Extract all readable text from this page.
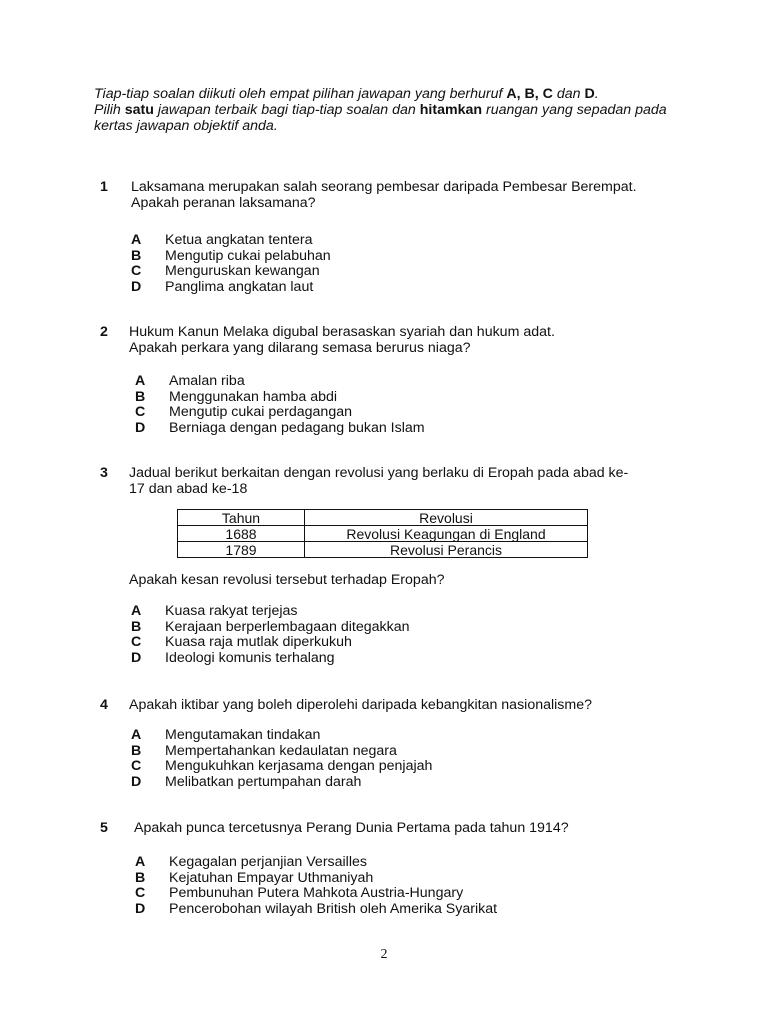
Tiap-tiap soalan diikuti oleh empat pilihan jawapan yang berhuruf A, B, C dan D.
Pilih satu jawapan terbaik bagi tiap-tiap soalan dan hitamkan ruangan yang sepadan pada
kertas jawapan objektif anda.
1 Laksamana merupakan salah seorang pembesar daripada Pembesar Berempat.
Apakah peranan laksamana?
A Ketua angkatan tentera
B Mengutip cukai pelabuhan
C Menguruskan kewangan
D Panglima angkatan laut
2 Hukum Kanun Melaka digubal berasaskan syariah dan hukum adat.
Apakah perkara yang dilarang semasa berurus niaga?
A Amalan riba
B Menggunakan hamba abdi
C Mengutip cukai perdagangan
D Berniaga dengan pedagang bukan Islam
3 Jadual berikut berkaitan dengan revolusi yang berlaku di Eropah pada abad ke-
17 dan abad ke-18
Apakah kesan revolusi tersebut terhadap Eropah?
A Kuasa rakyat terjejas
B Kerajaan berperlembagaan ditegakkan
C Kuasa raja mutlak diperkukuh
D Ideologi komunis terhalang
Tahun	Revolusi
1688	Revolusi Keagungan di England
1789	Revolusi Perancis
4 Apakah iktibar yang boleh diperolehi daripada kebangkitan nasionalisme?
A Mengutamakan tindakan
B Mempertahankan kedaulatan negara
C Mengukuhkan kerjasama dengan penjajah
D Melibatkan pertumpahan darah
5 Apakah punca tercetusnya Perang Dunia Pertama pada tahun 1914?
A Kegagalan perjanjian Versailles
B Kejatuhan Empayar Uthmaniyah
C Pembunuhan Putera Mahkota Austria-Hungary
D Pencerobohan wilayah British oleh Amerika Syarikat
2
